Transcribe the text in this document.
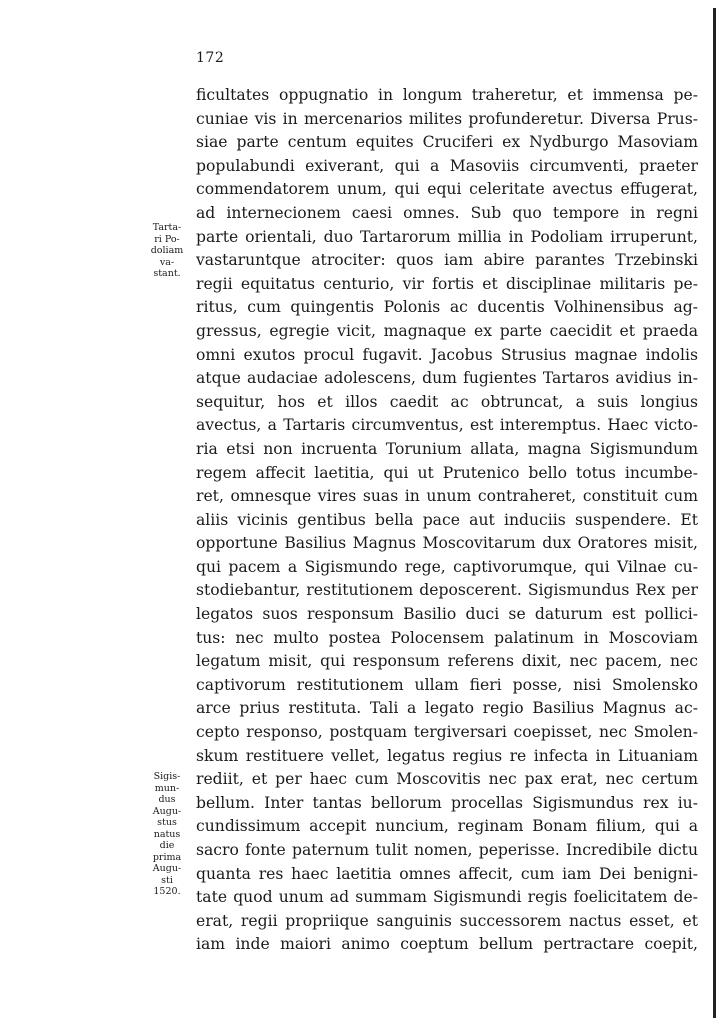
172
Tarta-
ri Po-
doliam
va-
stant.
Sigis-
mun-
dus
Augu-
stus
natus
die
prima
Augu-
sti
1520.
ficultates oppugnatio in longum traheretur, et immensa pe-
cuniae vis in mercenarios milites profunderetur. Diversa Prus-
siae parte centum equites Cruciferi ex Nydburgo Masoviam
populabundi exiverant, qui a Masoviis circumventi, praeter
commendatorem unum, qui equi celeritate avectus effugerat,
ad internecionem caesi omnes. Sub quo tempore in regni
parte orientali, duo Tartarorum millia in Podoliam irruperunt,
vastaruntque atrociter: quos iam abire parantes Trzebinski
regii equitatus centurio, vir fortis et disciplinae militaris pe-
ritus, cum quingentis Polonis ac ducentis Volhinensibus ag-
gressus, egregie vicit, magnaque ex parte caecidit et praeda
omni exutos procul fugavit. Jacobus Strusius magnae indolis
atque audaciae adolescens, dum fugientes Tartaros avidius in-
sequitur, hos et illos caedit ac obtruncat, a suis longius
avectus, a Tartaris circumventus, est interemptus. Haec victo-
ria etsi non incruenta Torunium allata, magna Sigismundum
regem affecit laetitia, qui ut Prutenico bello totus incumbe-
ret, omnesque vires suas in unum contraheret, constituit cum
aliis vicinis gentibus bella pace aut induciis suspendere. Et
opportune Basilius Magnus Moscovitarum dux Oratores misit,
qui pacem a Sigismundo rege, captivorumque, qui Vilnae cu-
stodiebantur, restitutionem deposcerent. Sigismundus Rex per
legatos suos responsum Basilio duci se daturum est pollici-
tus: nec multo postea Polocensem palatinum in Moscoviam
legatum misit, qui responsum referens dixit, nec pacem, nec
captivorum restitutionem ullam fieri posse, nisi Smolensko
arce prius restituta. Tali a legato regio Basilius Magnus ac-
cepto responso, postquam tergiversari coepisset, nec Smolen-
skum restituere vellet, legatus regius re infecta in Lituaniam
rediit, et per haec cum Moscovitis nec pax erat, nec certum
bellum. Inter tantas bellorum procellas Sigismundus rex iu-
cundissimum accepit nuncium, reginam Bonam filium, qui a
sacro fonte paternum tulit nomen, peperisse. Incredibile dictu
quanta res haec laetitia omnes affecit, cum iam Dei benigni-
tate quod unum ad summam Sigismundi regis foelicitatem de-
erat, regii propriique sanguinis successorem nactus esset, et
iam inde maiori animo coeptum bellum pertractare coepit,
